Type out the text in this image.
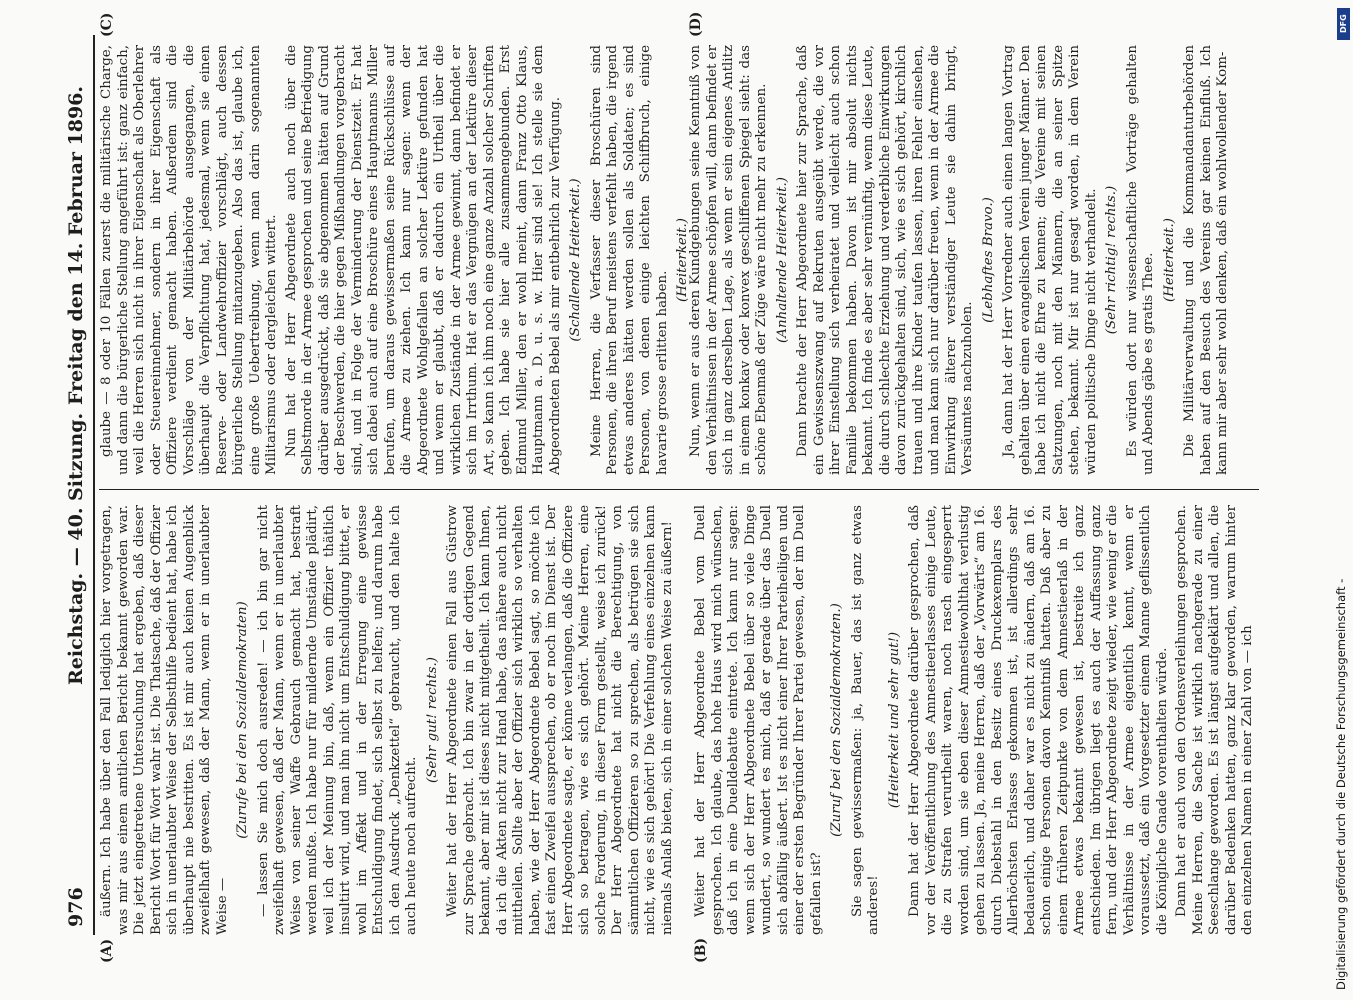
976
Reichstag. — 40. Sitzung.
Freitag den 14. Februar 1896.
(A)	(B)
(C)	(D)

äußern. Ich habe über den Fall lediglich hier vorgetragen, was mir aus einem amtlichen Bericht bekannt geworden war. Die jetzt eingetretene Untersuchung hat ergeben, daß dieser Bericht Wort für Wort wahr ist. Die Thatsache, daß der Offizier sich in unerlaubter Weise der Selbsthilfe bedient hat, habe ich überhaupt nie bestritten. Es ist mir auch keinen Augenblick zweifelhaft gewesen, daß der Mann, wenn er in unerlaubter Weise —

(Zurufe bei den Sozialdemokraten) — lassen Sie mich doch ausreden! — ich bin gar nicht zweifelhaft gewesen, daß der Mann, wenn er in unerlaubter Weise von seiner Waffe Gebrauch gemacht hat, bestraft werden mußte. Ich habe nur für mildernde Umstände plädirt, weil ich der Meinung bin, daß, wenn ein Offizier thätlich insultirt wird, und man ihn nicht um Entschuldigung bittet, er wohl im Affekt und in der Erregung eine gewisse Entschuldigung findet, sich selbst zu helfen; und darum habe ich den Ausdruck „Denkzettel“ gebraucht, und den halte ich auch heute noch aufrecht.

(Sehr gut! rechts.) Weiter hat der Herr Abgeordnete einen Fall aus Güstrow zur Sprache gebracht. Ich bin zwar in der dortigen Gegend bekannt, aber mir ist dieses nicht mitgetheilt. Ich kann Ihnen, da ich die Akten nicht zur Hand habe, das nähere auch nicht mittheilen. Sollte aber der Offizier sich wirklich so verhalten haben, wie der Herr Abgeordnete Bebel sagt, so möchte ich fast einen Zweifel aussprechen, ob er noch im Dienst ist. Der Herr Abgeordnete sagte, er könne verlangen, daß die Offiziere sich so betragen, wie es sich gehört. Meine Herren, eine solche Forderung, in dieser Form gestellt, weise ich zurück! Der Herr Abgeordnete hat nicht die Berechtigung, von sämmtlichen Offizieren so zu sprechen, als betrügen sie sich nicht, wie es sich gehört! Die Verfehlung eines einzelnen kann niemals Anlaß bieten, sich in einer solchen Weise zu äußern! Weiter hat der Herr Abgeordnete Bebel vom Duell gesprochen. Ich glaube, das hohe Haus wird mich wünschen, daß ich in eine Duelldebatte eintrete. Ich kann nur sagen: wenn sich der Herr Abgeordnete Bebel über so viele Dinge wundert, so wundert es mich, daß er gerade über das Duell sich abfällig äußert. Ist es nicht einer Ihrer Parteiheiligen und einer der ersten Begründer Ihrer Partei gewesen, der im Duell gefallen ist?

(Zuruf bei den Sozialdemokraten.) Sie sagen gewissermaßen: ja, Bauer, das ist ganz etwas anderes!

(Heiterkeit und sehr gut!) Dann hat der Herr Abgeordnete darüber gesprochen, daß vor der Veröffentlichung des Amnestieerlasses einige Leute, die zu Strafen verurtheilt waren, noch rasch eingesperrt worden sind, um sie eben dieser Amnestiewohlthat verlustig gehen zu lassen. Ja, meine Herren, daß der „Vorwärts“ am 16. durch Diebstahl in den Besitz eines Druckexemplars des Allerhöchsten Erlasses gekommen ist, ist allerdings sehr bedauerlich, und daher war es nicht zu ändern, daß am 16. schon einige Personen davon Kenntniß hatten. Daß aber zu einem früheren Zeitpunkte von dem Amnestieerlaß in der Armee etwas bekannt gewesen ist, bestreite ich ganz entschieden. Im übrigen liegt es auch der Auffassung ganz fern, und der Herr Abgeordnete zeigt wieder, wie wenig er die Verhältnisse in der Armee eigentlich kennt, wenn er voraussetzt, daß ein Vorgesetzter einem Manne geflissentlich die Königliche Gnade vorenthalten würde. Dann hat er auch von den Ordensverleihungen gesprochen. Meine Herren, die Sache ist wirklich nachgerade zu einer Seeschlange geworden. Es ist längst aufgeklärt und allen, die darüber Bedenken hatten, ganz klar geworden, warum hinter den einzelnen Namen in einer Zahl von — ich

glaube — 8 oder 10 Fällen zuerst die militärische Charge, und dann die bürgerliche Stellung angeführt ist: ganz einfach, weil die Herren sich nicht in ihrer Eigenschaft als Oberlehrer oder Steuereinnehmer, sondern in ihrer Eigenschaft als Offiziere verdient gemacht haben. Außerdem sind die Vorschläge von der Militärbehörde ausgegangen, die überhaupt die Verpflichtung hat, jedesmal, wenn sie einen Reserve- oder Landwehroffizier vorschlägt, auch dessen bürgerliche Stellung mitanzugeben. Also das ist, glaube ich, eine große Uebertreibung, wenn man darin sogenannten Militarismus oder dergleichen wittert. Nun hat der Herr Abgeordnete auch noch über die Selbstmorde in der Armee gesprochen und seine Befriedigung darüber ausgedrückt, daß sie abgenommen hätten auf Grund der Beschwerden, die hier gegen Mißhandlungen vorgebracht sind, und in Folge der Verminderung der Dienstzeit. Er hat sich dabei auch auf eine Broschüre eines Hauptmanns Miller berufen, um daraus gewissermaßen seine Rückschlüsse auf die Armee zu ziehen. Ich kann nur sagen: wenn der Abgeordnete Wohlgefallen an solcher Lektüre gefunden hat und wenn er glaubt, daß er dadurch ein Urtheil über die wirklichen Zustände in der Armee gewinnt, dann befindet er sich im Irrthum. Hat er das Vergnügen an der Lektüre dieser Art, so kann ich ihm noch eine ganze Anzahl solcher Schriften geben. Ich habe sie hier alle zusammengebunden. Erst Edmund Miller, den er wohl meint, dann Franz Otto Klaus, Hauptmann a. D. u. s. w. Hier sind sie! Ich stelle sie dem Abgeordneten Bebel als mir entbehrlich zur Verfügung. (Schallende Heiterkeit.) Meine Herren, die Verfasser dieser Broschüren sind Personen, die ihren Beruf meistens verfehlt haben, die irgend etwas anderes hätten werden sollen als Soldaten; es sind Personen, von denen einige leichten Schiffbruch, einige havarie grosse erlitten haben.

(Heiterkeit.)

Nun, wenn er aus deren Kundgebungen seine Kenntniß von den Verhältnissen in der Armee schöpfen will, dann befindet er sich in ganz derselben Lage, als wenn er sein eigenes Antlitz in einem konkav oder konvex geschliffenen Spiegel sieht: das schöne Ebenmaß der Züge wäre nicht mehr zu erkennen. (Anhaltende Heiterkeit.) Dann brachte der Herr Abgeordnete hier zur Sprache, daß ein Gewissenszwang auf Rekruten ausgeübt werde, die vor ihrer Einstellung sich verheiratet und vielleicht auch schon Familie bekommen haben. Davon ist mir absolut nichts bekannt. Ich finde es aber sehr vernünftig, wenn diese Leute, die durch schlechte Erziehung und verderbliche Einwirkungen davon zurückgehalten sind, sich, wie es sich gehört, kirchlich trauen und ihre Kinder taufen lassen, ihren Fehler einsehen, und man kann sich nur darüber freuen, wenn in der Armee die Einwirkung älterer verständiger Leute sie dahin bringt, Versäumtes nachzuholen.

(Lebhaftes Bravo.) Ja, dann hat der Herr Vorredner auch einen langen Vortrag gehalten über einen evangelischen Verein junger Männer. Den habe ich nicht die Ehre zu kennen; die Vereine mit seinen Satzungen, noch mit den Männern, die an seiner Spitze stehen, bekannt. Mir ist nur gesagt worden, in dem Verein würden politische Dinge nicht verhandelt. (Sehr richtig! rechts.) Es würden dort nur wissenschaftliche Vorträge gehalten und Abends gäbe es gratis Thee. (Heiterkeit.) Die Militärverwaltung und die Kommandanturbehörden haben auf den Besuch des Vereins gar keinen Einfluß. Ich kann mir aber sehr wohl denken, daß ein wohlwollender Kom-

Digitalisierung gefördert durch die Deutsche Forschungsgemeinschaft -
DFG
